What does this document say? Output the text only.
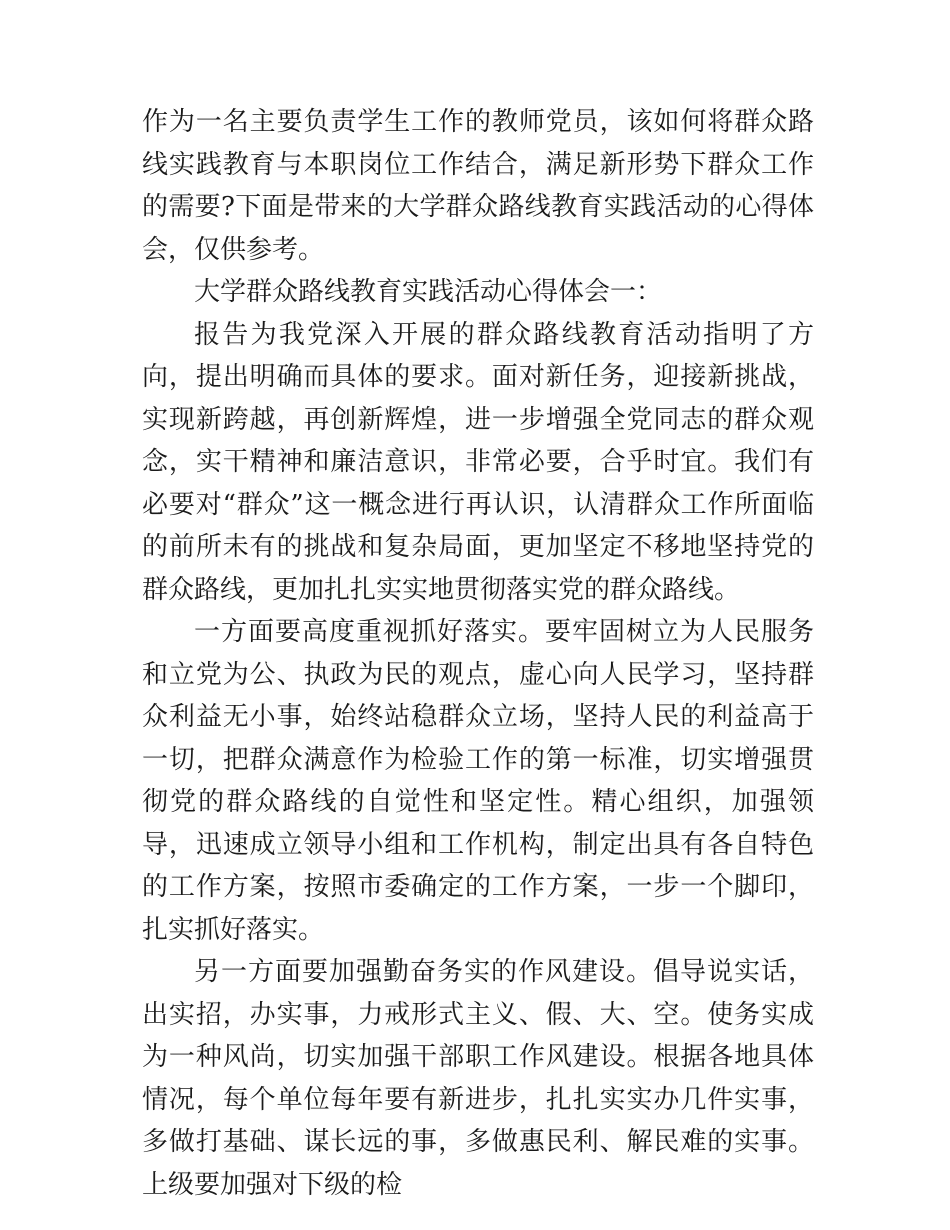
作为一名主要负责学生工作的教师党员，该如何将群众路线实践教育与本职岗位工作结合，满足新形势下群众工作的需要?下面是带来的大学群众路线教育实践活动的心得体会，仅供参考。

大学群众路线教育实践活动心得体会一：

报告为我党深入开展的群众路线教育活动指明了方向，提出明确而具体的要求。面对新任务，迎接新挑战，实现新跨越，再创新辉煌，进一步增强全党同志的群众观念，实干精神和廉洁意识，非常必要，合乎时宜。我们有必要对“群众”这一概念进行再认识，认清群众工作所面临的前所未有的挑战和复杂局面，更加坚定不移地坚持党的群众路线，更加扎扎实实地贯彻落实党的群众路线。

一方面要高度重视抓好落实。要牢固树立为人民服务和立党为公、执政为民的观点，虚心向人民学习，坚持群众利益无小事，始终站稳群众立场，坚持人民的利益高于一切，把群众满意作为检验工作的第一标准，切实增强贯彻党的群众路线的自觉性和坚定性。精心组织，加强领导，迅速成立领导小组和工作机构，制定出具有各自特色的工作方案，按照市委确定的工作方案，一步一个脚印，扎实抓好落实。

另一方面要加强勤奋务实的作风建设。倡导说实话，出实招，办实事，力戒形式主义、假、大、空。使务实成为一种风尚，切实加强干部职工作风建设。根据各地具体情况，每个单位每年要有新进步，扎扎实实办几件实事，多做打基础、谋长远的事，多做惠民利、解民难的实事。上级要加强对下级的检
